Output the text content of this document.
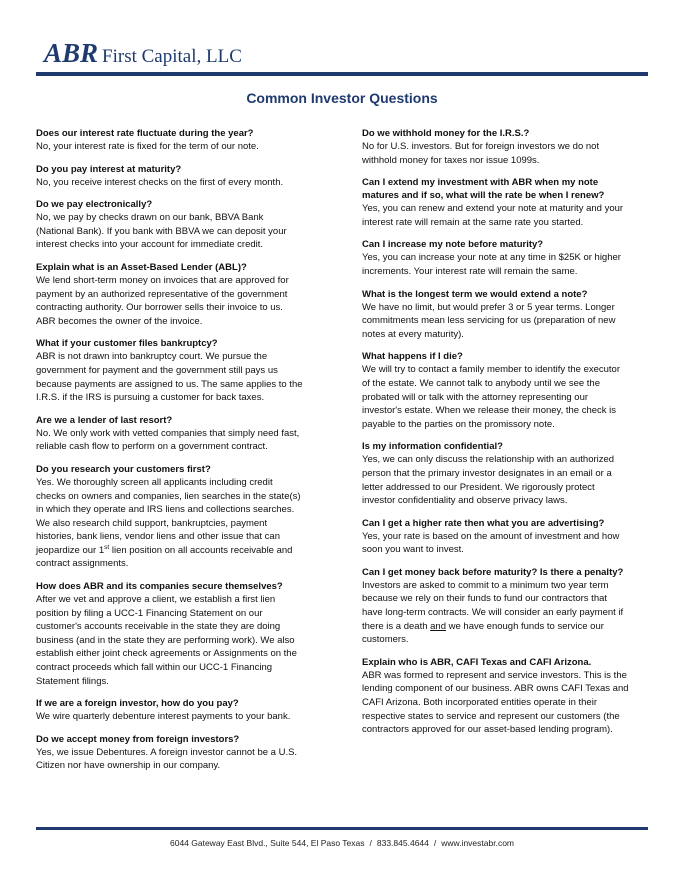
ABR First Capital, LLC
Common Investor Questions
Does our interest rate fluctuate during the year?
No, your interest rate is fixed for the term of our note.
Do you pay interest at maturity?
No, you receive interest checks on the first of every month.
Do we pay electronically?
No, we pay by checks drawn on our bank, BBVA Bank (National Bank). If you bank with BBVA we can deposit your interest checks into your account for immediate credit.
Explain what is an Asset-Based Lender (ABL)?
We lend short-term money on invoices that are approved for payment by an authorized representative of the government contracting authority. Our borrower sells their invoice to us. ABR becomes the owner of the invoice.
What if your customer files bankruptcy?
ABR is not drawn into bankruptcy court. We pursue the government for payment and the government still pays us because payments are assigned to us. The same applies to the I.R.S. if the IRS is pursuing a customer for back taxes.
Are we a lender of last resort?
No. We only work with vetted companies that simply need fast, reliable cash flow to perform on a government contract.
Do you research your customers first?
Yes. We thoroughly screen all applicants including credit checks on owners and companies, lien searches in the state(s) in which they operate and IRS liens and collections searches. We also research child support, bankruptcies, payment histories, bank liens, vendor liens and other issue that can jeopardize our 1st lien position on all accounts receivable and contract assignments.
How does ABR and its companies secure themselves?
After we vet and approve a client, we establish a first lien position by filing a UCC-1 Financing Statement on our customer's accounts receivable in the state they are doing business (and in the state they are performing work). We also establish either joint check agreements or Assignments on the contract proceeds which fall within our UCC-1 Financing Statement filings.
If we are a foreign investor, how do you pay?
We wire quarterly debenture interest payments to your bank.
Do we accept money from foreign investors?
Yes, we issue Debentures. A foreign investor cannot be a U.S. Citizen nor have ownership in our company.
Do we withhold money for the I.R.S.?
No for U.S. investors. But for foreign investors we do not withhold money for taxes nor issue 1099s.
Can I extend my investment with ABR when my note matures and if so, what will the rate be when I renew?
Yes, you can renew and extend your note at maturity and your interest rate will remain at the same rate you started.
Can I increase my note before maturity?
Yes, you can increase your note at any time in $25K or higher increments. Your interest rate will remain the same.
What is the longest term we would extend a note?
We have no limit, but would prefer 3 or 5 year terms. Longer commitments mean less servicing for us (preparation of new notes at every maturity).
What happens if I die?
We will try to contact a family member to identify the executor of the estate. We cannot talk to anybody until we see the probated will or talk with the attorney representing our investor's estate. When we release their money, the check is payable to the parties on the promissory note.
Is my information confidential?
Yes, we can only discuss the relationship with an authorized person that the primary investor designates in an email or a letter addressed to our President. We rigorously protect investor confidentiality and observe privacy laws.
Can I get a higher rate then what you are advertising?
Yes, your rate is based on the amount of investment and how soon you want to invest.
Can I get money back before maturity? Is there a penalty?
Investors are asked to commit to a minimum two year term because we rely on their funds to fund our contractors that have long-term contracts. We will consider an early payment if there is a death and we have enough funds to service our customers.
Explain who is ABR, CAFI Texas and CAFI Arizona.
ABR was formed to represent and service investors. This is the lending component of our business. ABR owns CAFI Texas and CAFI Arizona. Both incorporated entities operate in their respective states to service and represent our customers (the contractors approved for our asset-based lending program).
6044 Gateway East Blvd., Suite 544, El Paso Texas / 833.845.4644 / www.investabr.com
